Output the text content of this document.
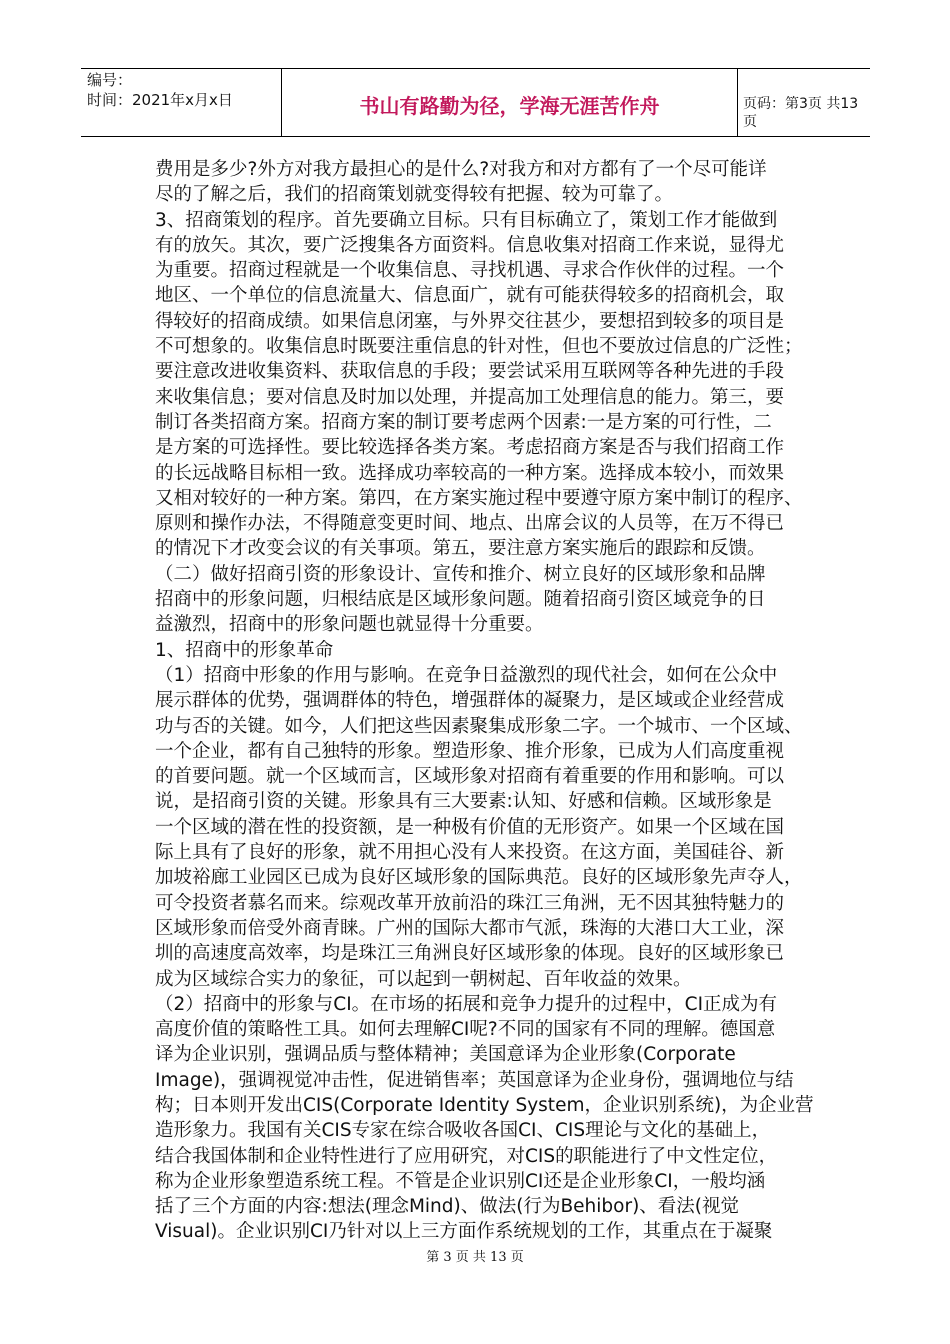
编号：
时间：2021年x月x日	书山有路勤为径，学海无涯苦作舟	页码：第3页 共13页
费用是多少?外方对我方最担心的是什么?对我方和对方都有了一个尽可能详
尽的了解之后，我们的招商策划就变得较有把握、较为可靠了。
3、招商策划的程序。首先要确立目标。只有目标确立了，策划工作才能做到
有的放矢。其次，要广泛搜集各方面资料。信息收集对招商工作来说，显得尤
为重要。招商过程就是一个收集信息、寻找机遇、寻求合作伙伴的过程。一个
地区、一个单位的信息流量大、信息面广，就有可能获得较多的招商机会，取
得较好的招商成绩。如果信息闭塞，与外界交往甚少，要想招到较多的项目是
不可想象的。收集信息时既要注重信息的针对性，但也不要放过信息的广泛性；
要注意改进收集资料、获取信息的手段；要尝试采用互联网等各种先进的手段
来收集信息；要对信息及时加以处理，并提高加工处理信息的能力。第三，要
制订各类招商方案。招商方案的制订要考虑两个因素:一是方案的可行性，二
是方案的可选择性。要比较选择各类方案。考虑招商方案是否与我们招商工作
的长远战略目标相一致。选择成功率较高的一种方案。选择成本较小，而效果
又相对较好的一种方案。第四，在方案实施过程中要遵守原方案中制订的程序、
原则和操作办法，不得随意变更时间、地点、出席会议的人员等，在万不得已
的情况下才改变会议的有关事项。第五，要注意方案实施后的跟踪和反馈。
（二）做好招商引资的形象设计、宣传和推介、树立良好的区域形象和品牌
招商中的形象问题，归根结底是区域形象问题。随着招商引资区域竞争的日
益激烈，招商中的形象问题也就显得十分重要。
1、招商中的形象革命
（1）招商中形象的作用与影响。在竞争日益激烈的现代社会，如何在公众中
展示群体的优势，强调群体的特色，增强群体的凝聚力，是区域或企业经营成
功与否的关键。如今，人们把这些因素聚集成形象二字。一个城市、一个区域、
一个企业，都有自己独特的形象。塑造形象、推介形象，已成为人们高度重视
的首要问题。就一个区域而言，区域形象对招商有着重要的作用和影响。可以
说，是招商引资的关键。形象具有三大要素:认知、好感和信赖。区域形象是
一个区域的潜在性的投资额，是一种极有价值的无形资产。如果一个区域在国
际上具有了良好的形象，就不用担心没有人来投资。在这方面，美国硅谷、新
加坡裕廊工业园区已成为良好区域形象的国际典范。良好的区域形象先声夺人，
可令投资者慕名而来。综观改革开放前沿的珠江三角洲，无不因其独特魅力的
区域形象而倍受外商青睐。广州的国际大都市气派，珠海的大港口大工业，深
圳的高速度高效率，均是珠江三角洲良好区域形象的体现。良好的区域形象已
成为区域综合实力的象征，可以起到一朝树起、百年收益的效果。
（2）招商中的形象与CI。在市场的拓展和竞争力提升的过程中，CI正成为有
高度价值的策略性工具。如何去理解CI呢?不同的国家有不同的理解。德国意
译为企业识别，强调品质与整体精神；美国意译为企业形象(Corporate
Image)，强调视觉冲击性，促进销售率；英国意译为企业身份，强调地位与结
构；日本则开发出CIS(Corporate Identity System，企业识别系统)，为企业营
造形象力。我国有关CIS专家在综合吸收各国CI、CIS理论与文化的基础上，
结合我国体制和企业特性进行了应用研究，对CIS的职能进行了中文性定位，
称为企业形象塑造系统工程。不管是企业识别CI还是企业形象CI，一般均涵
括了三个方面的内容:想法(理念Mind)、做法(行为Behibor)、看法(视觉
Visual)。企业识别CI乃针对以上三方面作系统规划的工作，其重点在于凝聚
第 3 页 共 13 页
